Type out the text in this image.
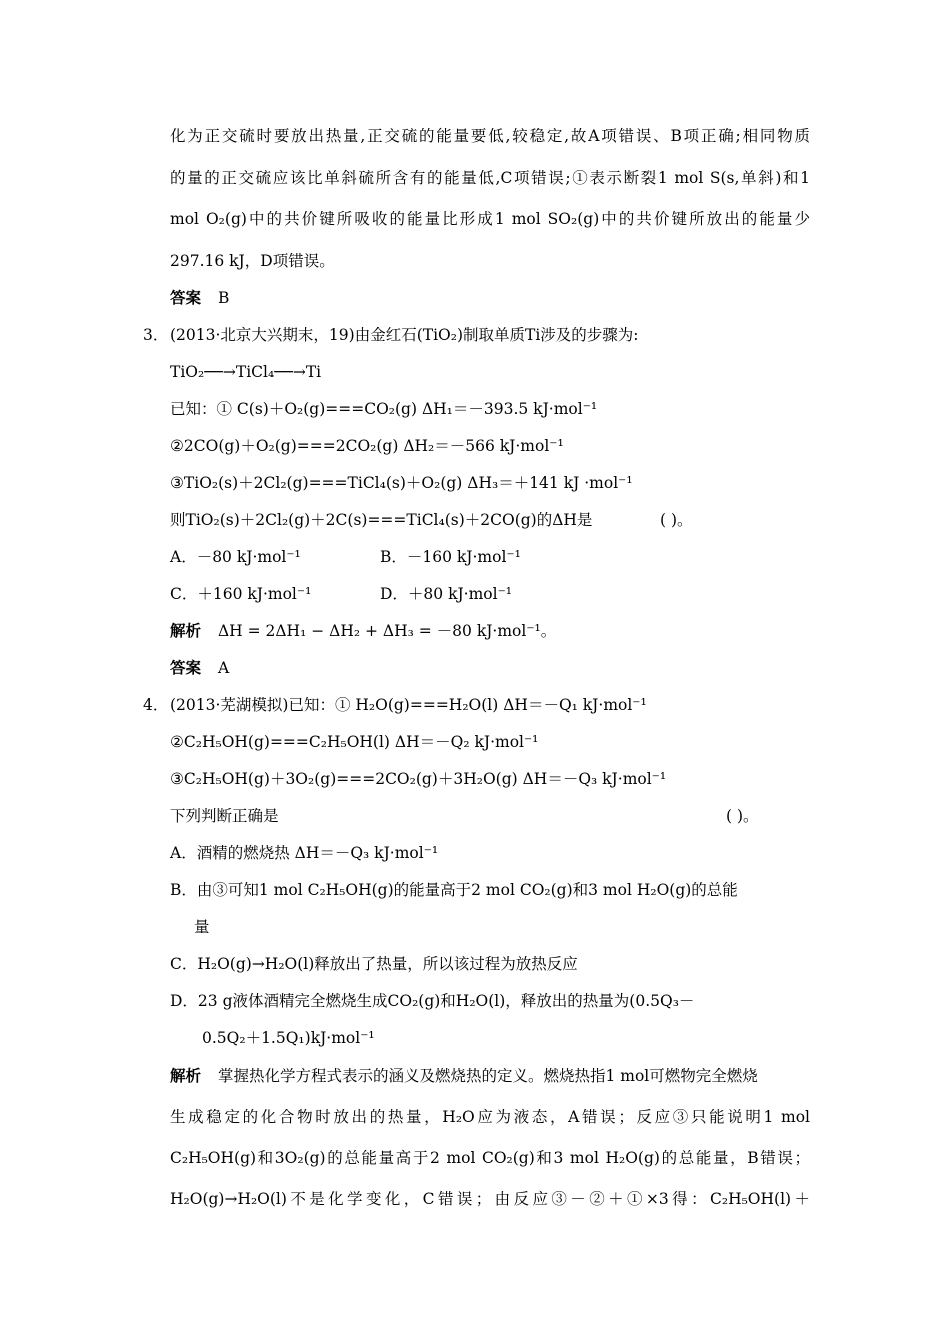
化为正交硫时要放出热量,正交硫的能量要低,较稳定,故A项错误、B项正确;相同物质
的量的正交硫应该比单斜硫所含有的能量低,C项错误;①表示断裂1 mol S(s,单斜)和1
mol O₂(g)中的共价键所吸收的能量比形成1 mol SO₂(g)中的共价键所放出的能量少
297.16 kJ，D项错误。
答案 B
3． (2013·北京大兴期末，19)由金红石(TiO₂)制取单质Ti涉及的步骤为:
TiO₂──→TiCl₄──→Ti
已知：① C(s)＋O₂(g)===CO₂(g) ΔH₁＝－393.5 kJ·mol⁻¹
②2CO(g)＋O₂(g)===2CO₂(g) ΔH₂＝－566 kJ·mol⁻¹
③TiO₂(s)＋2Cl₂(g)===TiCl₄(s)＋O₂(g) ΔH₃＝＋141 kJ ·mol⁻¹
则TiO₂(s)＋2Cl₂(g)＋2C(s)===TiCl₄(s)＋2CO(g)的ΔH是	( )。
A．－80 kJ·mol⁻¹	B．－160 kJ·mol⁻¹
C．＋160 kJ·mol⁻¹	D．＋80 kJ·mol⁻¹
解析 ΔH = 2ΔH₁ − ΔH₂ + ΔH₃ = －80 kJ·mol⁻¹。
答案 A
4． (2013·芜湖模拟)已知：① H₂O(g)===H₂O(l) ΔH＝－Q₁ kJ·mol⁻¹
②C₂H₅OH(g)===C₂H₅OH(l) ΔH＝－Q₂ kJ·mol⁻¹
③C₂H₅OH(g)＋3O₂(g)===2CO₂(g)＋3H₂O(g) ΔH＝－Q₃ kJ·mol⁻¹
下列判断正确是	( )。
A．酒精的燃烧热 ΔH＝－Q₃ kJ·mol⁻¹
B．由③可知1 mol C₂H₅OH(g)的能量高于2 mol CO₂(g)和3 mol H₂O(g)的总能
量
C．H₂O(g)→H₂O(l)释放出了热量，所以该过程为放热反应
D．23 g液体酒精完全燃烧生成CO₂(g)和H₂O(l)，释放出的热量为(0.5Q₃－
0.5Q₂＋1.5Q₁)kJ·mol⁻¹
解析 掌握热化学方程式表示的涵义及燃烧热的定义。燃烧热指1 mol可燃物完全燃烧
生成稳定的化合物时放出的热量，H₂O应为液态，A错误；反应③只能说明1 mol
C₂H₅OH(g)和3O₂(g)的总能量高于2 mol CO₂(g)和3 mol H₂O(g)的总能量，B错误；
H₂O(g)→H₂O(l)不是化学变化，C错误；由反应③－②＋①×3得：C₂H₅OH(l)＋
